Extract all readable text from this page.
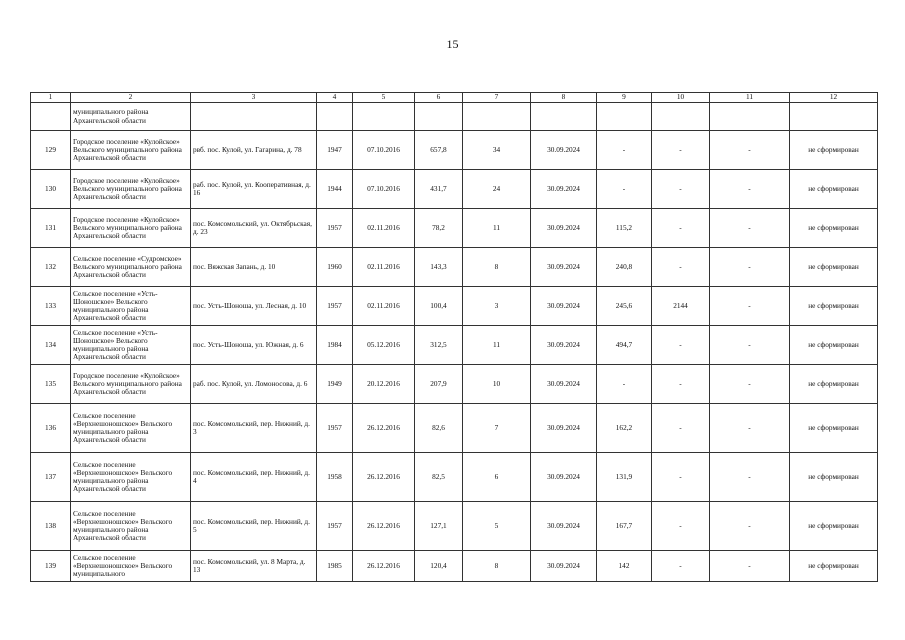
15
1	2	3	4	5	6	7	8	9	10	11	12
	муниципального района Архангельской области										
129	Городское поселение «Кулойское» Вельского муниципального района Архангельской области	рвб. пос. Кулой, ул. Гагарина, д. 78	1947	07.10.2016	657,8	34	30.09.2024	-	-	-	не сформирован
130	Городское поселение «Кулойское» Вельского муниципального района Архангельской области	раб. пос. Кулой, ул. Кооперативная, д. 16	1944	07.10.2016	431,7	24	30.09.2024	-	-	-	не сформирован
131	Городское поселение «Кулойское» Вельского муниципального района Архангельской области	пос. Комсомольский, ул. Октябрьская, д. 23	1957	02.11.2016	78,2	11	30.09.2024	115,2	-	-	не сформирован
132	Сельское поселение «Судромское» Вельского муниципального района Архангельской области	пос. Вяжская Запань, д. 10	1960	02.11.2016	143,3	8	30.09.2024	240,8	-	-	не сформирован
133	Сельское поселение «Усть-Шоношское» Вельского муниципального района Архангельской области	пос. Усть-Шоноша, ул. Лесная, д. 10	1957	02.11.2016	100,4	3	30.09.2024	245,6	2144	-	не сформирован
134	Сельское поселение «Усть-Шоношское» Вельского муниципального района Архангельской области	пос. Усть-Шоноша, ул. Южная, д. 6	1984	05.12.2016	312,5	11	30.09.2024	494,7	-	-	не сформирован
135	Городское поселение «Кулойское» Вельского муниципального района Архангельской области	раб. пос. Кулой, ул. Ломоносова, д. 6	1949	20.12.2016	207,9	10	30.09.2024	-	-	-	не сформирован
136	Сельское поселение «Верхнешоношское» Вельского муниципального района Архангельской области	пос. Комсомольский, пер. Нижний, д. 3	1957	26.12.2016	82,6	7	30.09.2024	162,2	-	-	не сформирован
137	Сельское поселение «Верхнешоношское» Вельского муниципального района Архангельской области	пос. Комсомольский, пер. Нижний, д. 4	1958	26.12.2016	82,5	6	30.09.2024	131,9	-	-	не сформирован
138	Сельское поселение «Верхнешоношское» Вельского муниципального района Архангельской области	пос. Комсомольский, пер. Нижний, д. 5	1957	26.12.2016	127,1	5	30.09.2024	167,7	-	-	не сформирован
139	Сельское поселение «Верхнешоношское» Вельского муниципального	пос. Комсомольский, ул. 8 Марта, д. 13	1985	26.12.2016	120,4	8	30.09.2024	142	-	-	не сформирован
